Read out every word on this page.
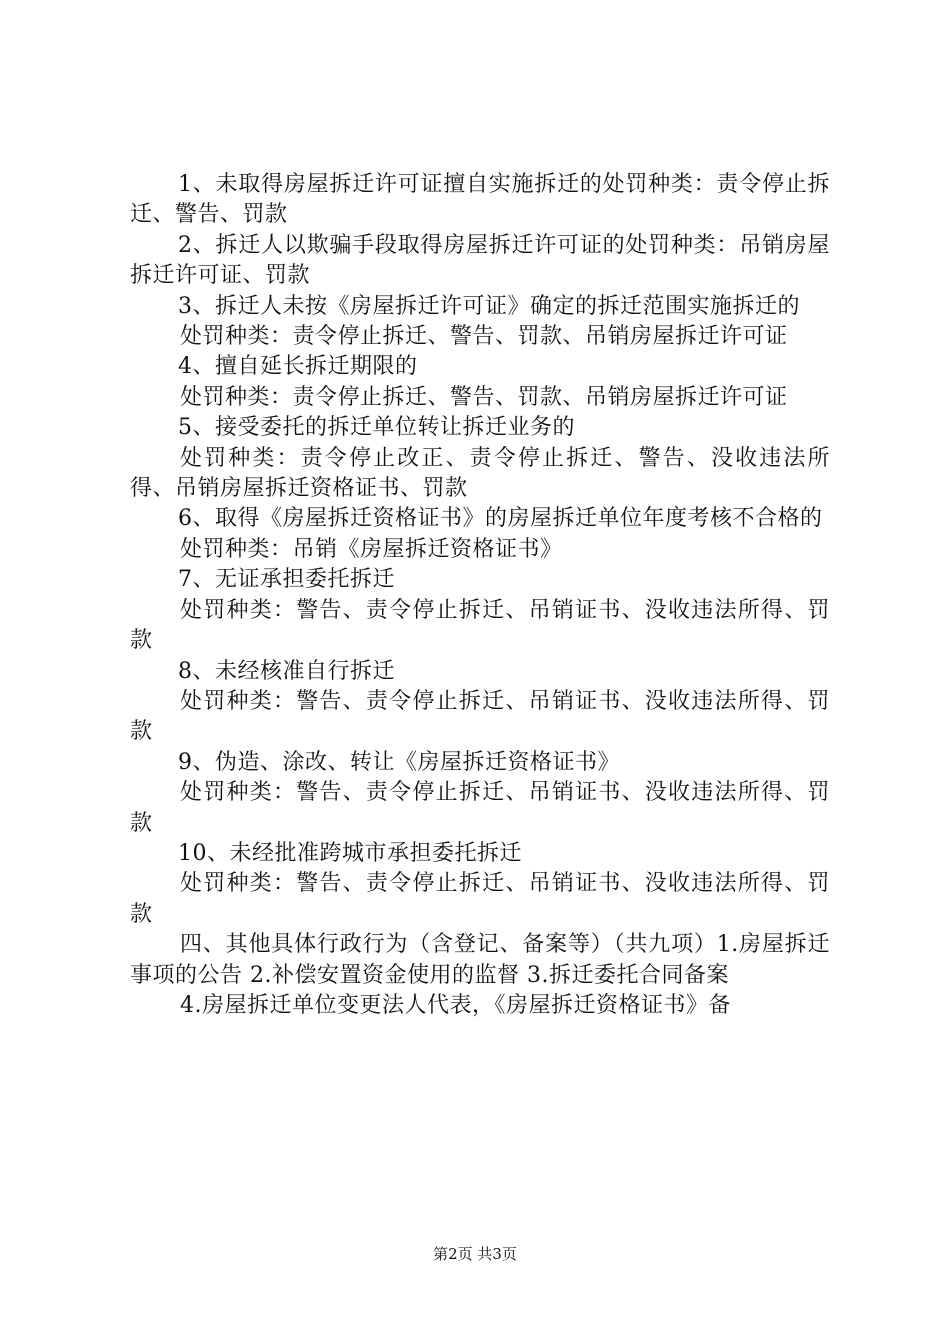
1、未取得房屋拆迁许可证擅自实施拆迁的处罚种类：责令停止拆迁、警告、罚款

2、拆迁人以欺骗手段取得房屋拆迁许可证的处罚种类：吊销房屋拆迁许可证、罚款

3、拆迁人未按《房屋拆迁许可证》确定的拆迁范围实施拆迁的

处罚种类：责令停止拆迁、警告、罚款、吊销房屋拆迁许可证

4、擅自延长拆迁期限的

处罚种类：责令停止拆迁、警告、罚款、吊销房屋拆迁许可证

5、接受委托的拆迁单位转让拆迁业务的

处罚种类：责令停止改正、责令停止拆迁、警告、没收违法所得、吊销房屋拆迁资格证书、罚款

6、取得《房屋拆迁资格证书》的房屋拆迁单位年度考核不合格的

处罚种类：吊销《房屋拆迁资格证书》

7、无证承担委托拆迁

处罚种类：警告、责令停止拆迁、吊销证书、没收违法所得、罚款

8、未经核准自行拆迁

处罚种类：警告、责令停止拆迁、吊销证书、没收违法所得、罚款

9、伪造、涂改、转让《房屋拆迁资格证书》

处罚种类：警告、责令停止拆迁、吊销证书、没收违法所得、罚款

10、未经批准跨城市承担委托拆迁

处罚种类：警告、责令停止拆迁、吊销证书、没收违法所得、罚款

四、其他具体行政行为（含登记、备案等）（共九项）1.房屋拆迁事项的公告 2.补偿安置资金使用的监督 3.拆迁委托合同备案

4.房屋拆迁单位变更法人代表，《房屋拆迁资格证书》备

第2页 共3页
